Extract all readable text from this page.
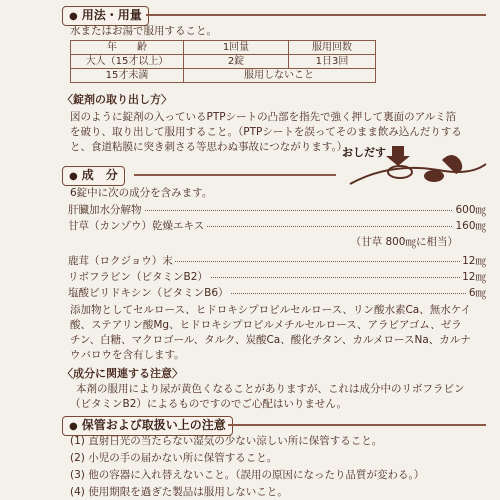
● 用法・用量
水またはお湯で服用すること。
年　　齢	1回量	服用回数
大人（15才以上）	2錠	1日3回
15才未満	服用しないこと	
〈錠剤の取り出し方〉
図のように錠剤の入っているPTPシートの凸部を指先で強く押して裏面のアルミ箔
を破り、取り出して服用すること。（PTPシートを誤ってそのまま飲み込んだりする
と、食道粘膜に突き刺さる等思わぬ事故につながります。）
おしだす
● 成　分
6錠中に次の成分を含みます。
肝臓加水分解物	600㎎
甘草（カンゾウ）乾燥エキス	160㎎
（甘草 800㎎に相当）
鹿茸（ロクジョウ）末	12㎎
リボフラビン（ビタミンB2）	12㎎
塩酸ピリドキシン（ビタミンB6）	6㎎
添加物としてセルロース、ヒドロキシプロピルセルロース、リン酸水素Ca、無水ケイ
酸、ステアリン酸Mg、ヒドロキシプロピルメチルセルロース、アラビアゴム、ゼラ
チン、白糖、マクロゴール、タルク、炭酸Ca、酸化チタン、カルメロースNa、カルナ
ウバロウを含有します。
〈成分に関連する注意〉
本剤の服用により尿が黄色くなることがありますが、これは成分中のリボフラビン
（ビタミンB2）によるものですのでご心配はいりません。
● 保管および取扱い上の注意
(1) 直射日光の当たらない湿気の少ない涼しい所に保管すること。
(2) 小児の手の届かない所に保管すること。
(3) 他の容器に入れ替えないこと。（誤用の原因になったり品質が変わる。）
(4) 使用期限を過ぎた製品は服用しないこと。
